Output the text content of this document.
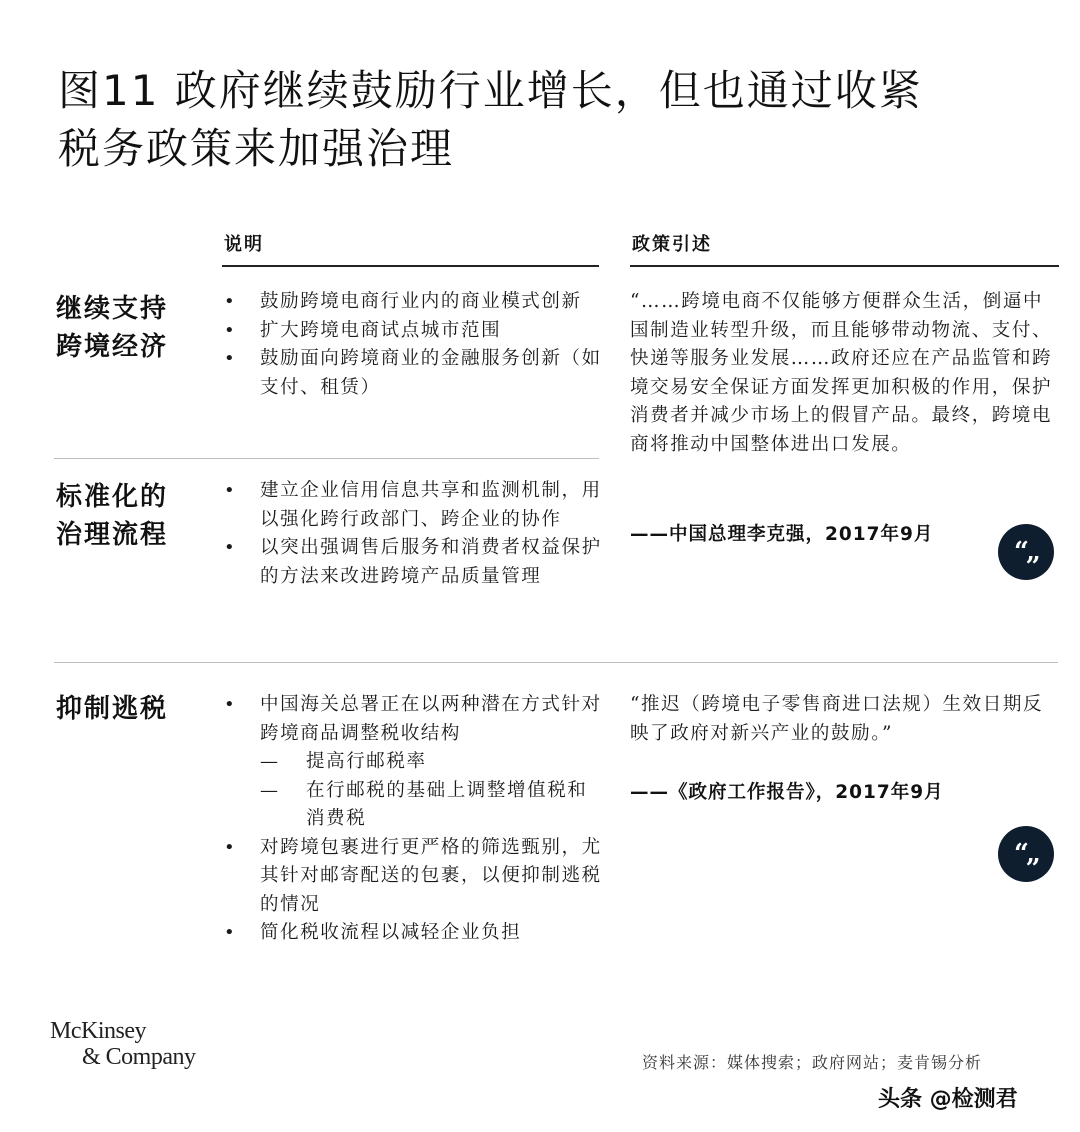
图11 政府继续鼓励行业增长，但也通过收紧
税务政策来加强治理
说明	政策引述
继续支持
跨境经济
• 鼓励跨境电商行业内的商业模式创新
• 扩大跨境电商试点城市范围
• 鼓励面向跨境商业的金融服务创新（如支付、租赁）
标准化的
治理流程
• 建立企业信用信息共享和监测机制，用以强化跨行政部门、跨企业的协作
• 以突出强调售后服务和消费者权益保护的方法来改进跨境产品质量管理
抑制逃税
•	中国海关总署正在以两种潜在方式针对跨境商品调整税收结构
— 提高行邮税率
— 在行邮税的基础上调整增值税和消费税
• 对跨境包裹进行更严格的筛选甄别，尤其针对邮寄配送的包裹，以便抑制逃税的情况
• 简化税收流程以减轻企业负担
“……跨境电商不仅能够方便群众生活，倒逼中国制造业转型升级，而且能够带动物流、支付、快递等服务业发展……政府还应在产品监管和跨境交易安全保证方面发挥更加积极的作用，保护消费者并减少市场上的假冒产品。最终，跨境电商将推动中国整体进出口发展。
——中国总理李克强，2017年9月
“„
“推迟（跨境电子零售商进口法规）生效日期反映了政府对新兴产业的鼓励。”
——《政府工作报告》，2017年9月
“„
McKinsey
& Company	资料来源：媒体搜索；政府网站；麦肯锡分析
头条 @检测君
